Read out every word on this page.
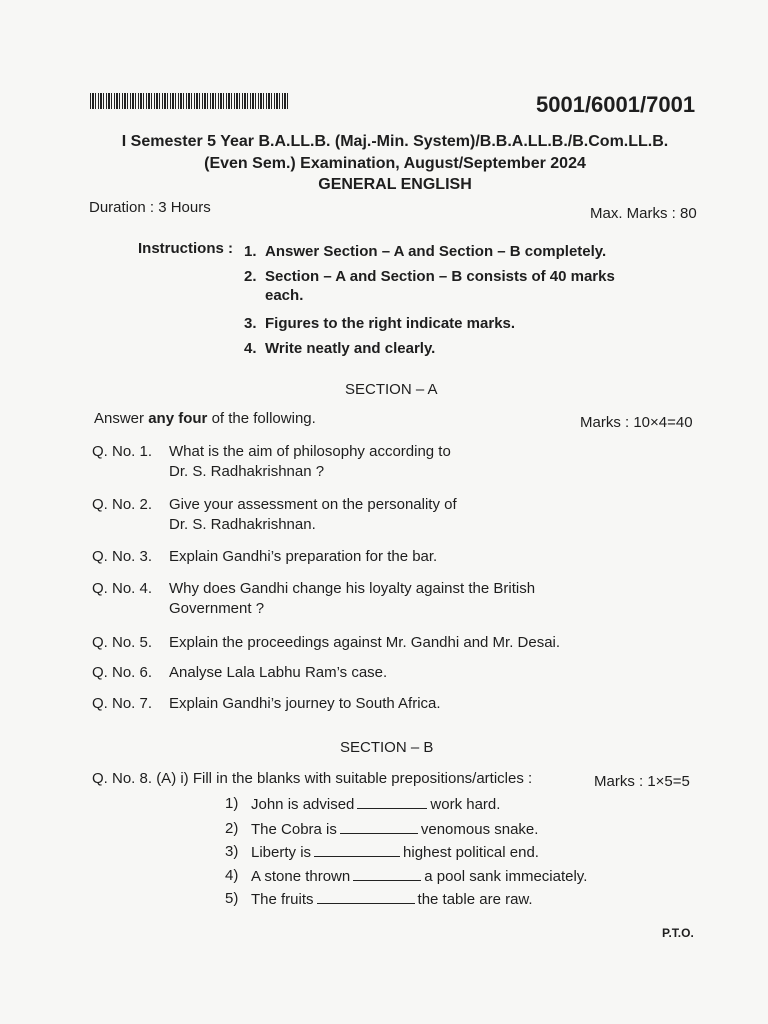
5001/6001/7001
I Semester 5 Year B.A.LL.B. (Maj.-Min. System)/B.B.A.LL.B./B.Com.LL.B.
(Even Sem.) Examination, August/September 2024
GENERAL ENGLISH
Duration : 3 Hours	Max. Marks : 80
Instructions : 1. Answer Section – A and Section – B completely.
2. Section – A and Section – B consists of 40 marks
each.
3. Figures to the right indicate marks.
4. Write neatly and clearly.
SECTION – A
Answer any four of the following.	Marks : 10×4=40
Q. No. 1. What is the aim of philosophy according to
Dr. S. Radhakrishnan ?
Q. No. 2. Give your assessment on the personality of
Dr. S. Radhakrishnan.
Q. No. 3. Explain Gandhi’s preparation for the bar.
Q. No. 4. Why does Gandhi change his loyalty against the British
Government ?
Q. No. 5. Explain the proceedings against Mr. Gandhi and Mr. Desai.
Q. No. 6. Analyse Lala Labhu Ram’s case.
Q. No. 7. Explain Gandhi’s journey to South Africa.
SECTION – B
Q. No. 8. (A) i) Fill in the blanks with suitable prepositions/articles :	Marks : 1×5=5
1) John is advised	work hard.
2) The Cobra is	venomous snake.
3) Liberty is	highest political end.
4) A stone thrown	a pool sank immeciately.
5) The fruits	the table are raw.
P.T.O.
